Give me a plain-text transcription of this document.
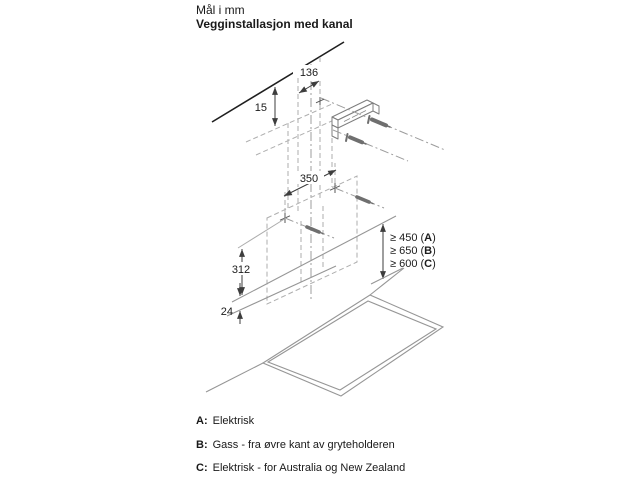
Mål i mm
Vegginstallasjon med kanal
15
136
350
312
24
≥ 450 (A)
≥ 650 (B)
≥ 600 (C)
A: Elektrisk
B: Gass - fra øvre kant av gryteholderen
C: Elektrisk - for Australia og New Zealand
